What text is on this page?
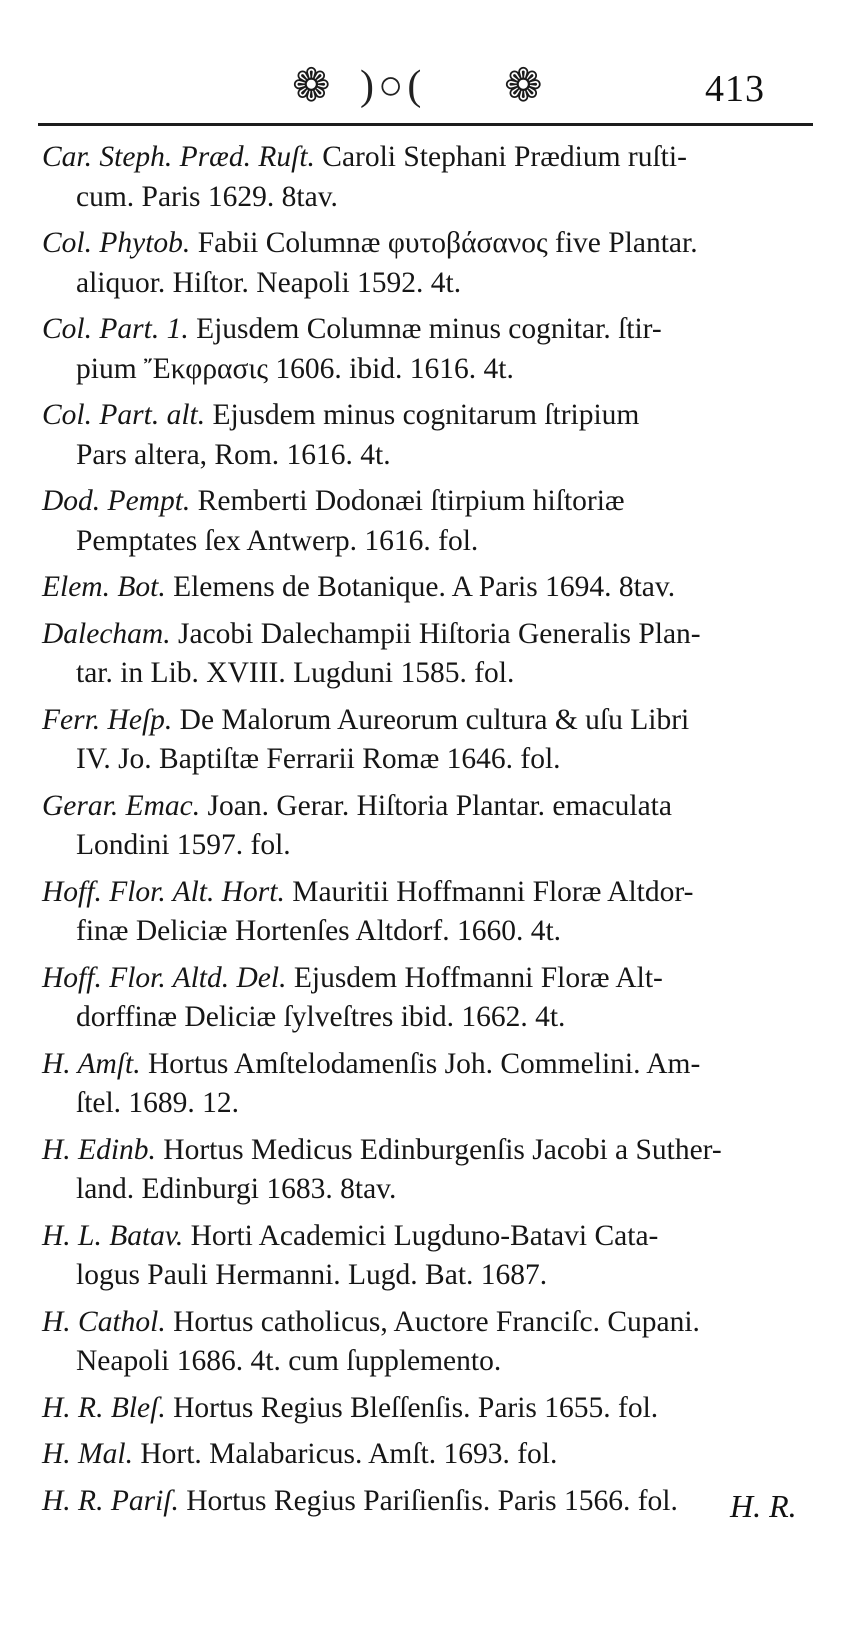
❁ )○( ❁	413
Car. Steph. Præd. Ruſt. Caroli Stephani Prædium ruſti-
cum. Paris 1629. 8tav.
Col. Phytob. Fabii Columnæ φυτοβάσανος five Plantar.
aliquor. Hiſtor. Neapoli 1592. 4t.
Col. Part. 1. Ejusdem Columnæ minus cognitar. ſtir-
pium Ἔκφρασις 1606. ibid. 1616. 4t.
Col. Part. alt. Ejusdem minus cognitarum ſtripium
Pars altera, Rom. 1616. 4t.
Dod. Pempt. Remberti Dodonæi ſtirpium hiſtoriæ
Pemptates ſex Antwerp. 1616. fol.
Elem. Bot. Elemens de Botanique. A Paris 1694. 8tav.
Dalecham. Jacobi Dalechampii Hiſtoria Generalis Plan-
tar. in Lib. XVIII. Lugduni 1585. fol.
Ferr. Heſp. De Malorum Aureorum cultura & uſu Libri
IV. Jo. Baptiſtæ Ferrarii Romæ 1646. fol.
Gerar. Emac. Joan. Gerar. Hiſtoria Plantar. emaculata
Londini 1597. fol.
Hoff. Flor. Alt. Hort. Mauritii Hoffmanni Floræ Altdor-
finæ Deliciæ Hortenſes Altdorf. 1660. 4t.
Hoff. Flor. Altd. Del. Ejusdem Hoffmanni Floræ Alt-
dorffinæ Deliciæ ſylveſtres ibid. 1662. 4t.
H. Amſt. Hortus Amſtelodamenſis Joh. Commelini. Am-
ſtel. 1689. 12.
H. Edinb. Hortus Medicus Edinburgenſis Jacobi a Suther-
land. Edinburgi 1683. 8tav.
H. L. Batav. Horti Academici Lugduno-Batavi Cata-
logus Pauli Hermanni. Lugd. Bat. 1687.
H. Cathol. Hortus catholicus, Auctore Franciſc. Cupani.
Neapoli 1686. 4t. cum ſupplemento.
H. R. Bleſ. Hortus Regius Bleſſenſis. Paris 1655. fol.
H. Mal. Hort. Malabaricus. Amſt. 1693. fol.
H. R. Pariſ. Hortus Regius Pariſienſis. Paris 1566. fol.	H. R.
